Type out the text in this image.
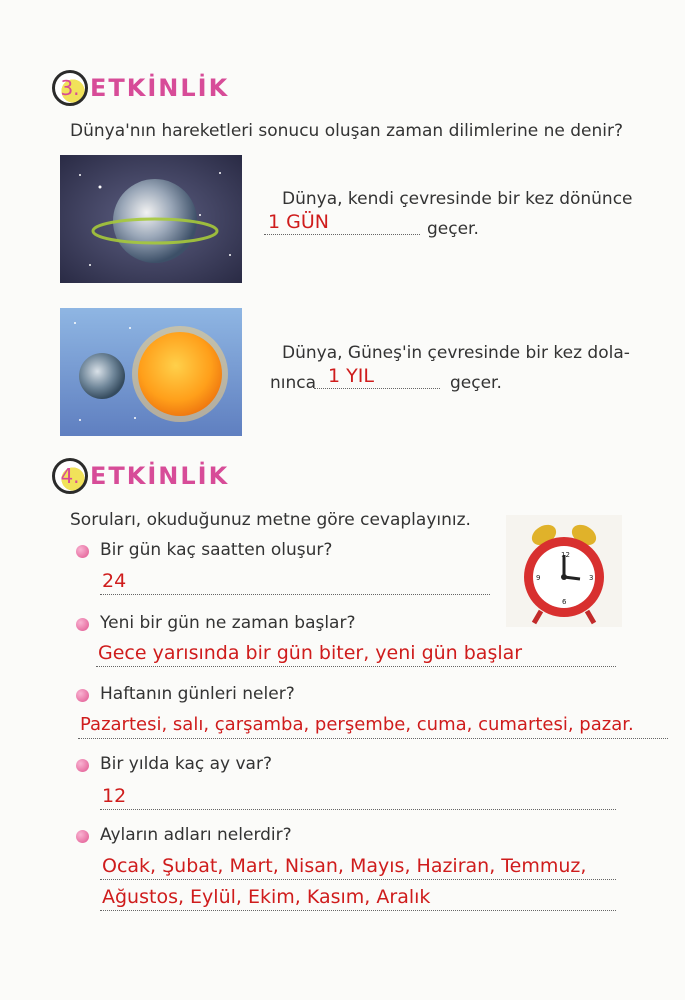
3. ETKİNLİK
Dünya'nın hareketleri sonucu oluşan zaman dilimlerine ne denir?
Dünya, kendi çevresinde bir kez dönünce
1 GÜN	geçer.
Dünya, Güneş'in çevresinde bir kez dola-
nınca 1 YIL	geçer.
4. ETKİNLİK
Soruları, okuduğunuz metne göre cevaplayınız.
12
3
6
9
Bir gün kaç saatten oluşur?
24
Yeni bir gün ne zaman başlar?
Gece yarısında bir gün biter, yeni gün başlar
Haftanın günleri neler?
Pazartesi, salı, çarşamba, perşembe, cuma, cumartesi, pazar.
Bir yılda kaç ay var?
12
Ayların adları nelerdir?
Ocak, Şubat, Mart, Nisan, Mayıs, Haziran, Temmuz,
Ağustos, Eylül, Ekim, Kasım, Aralık
